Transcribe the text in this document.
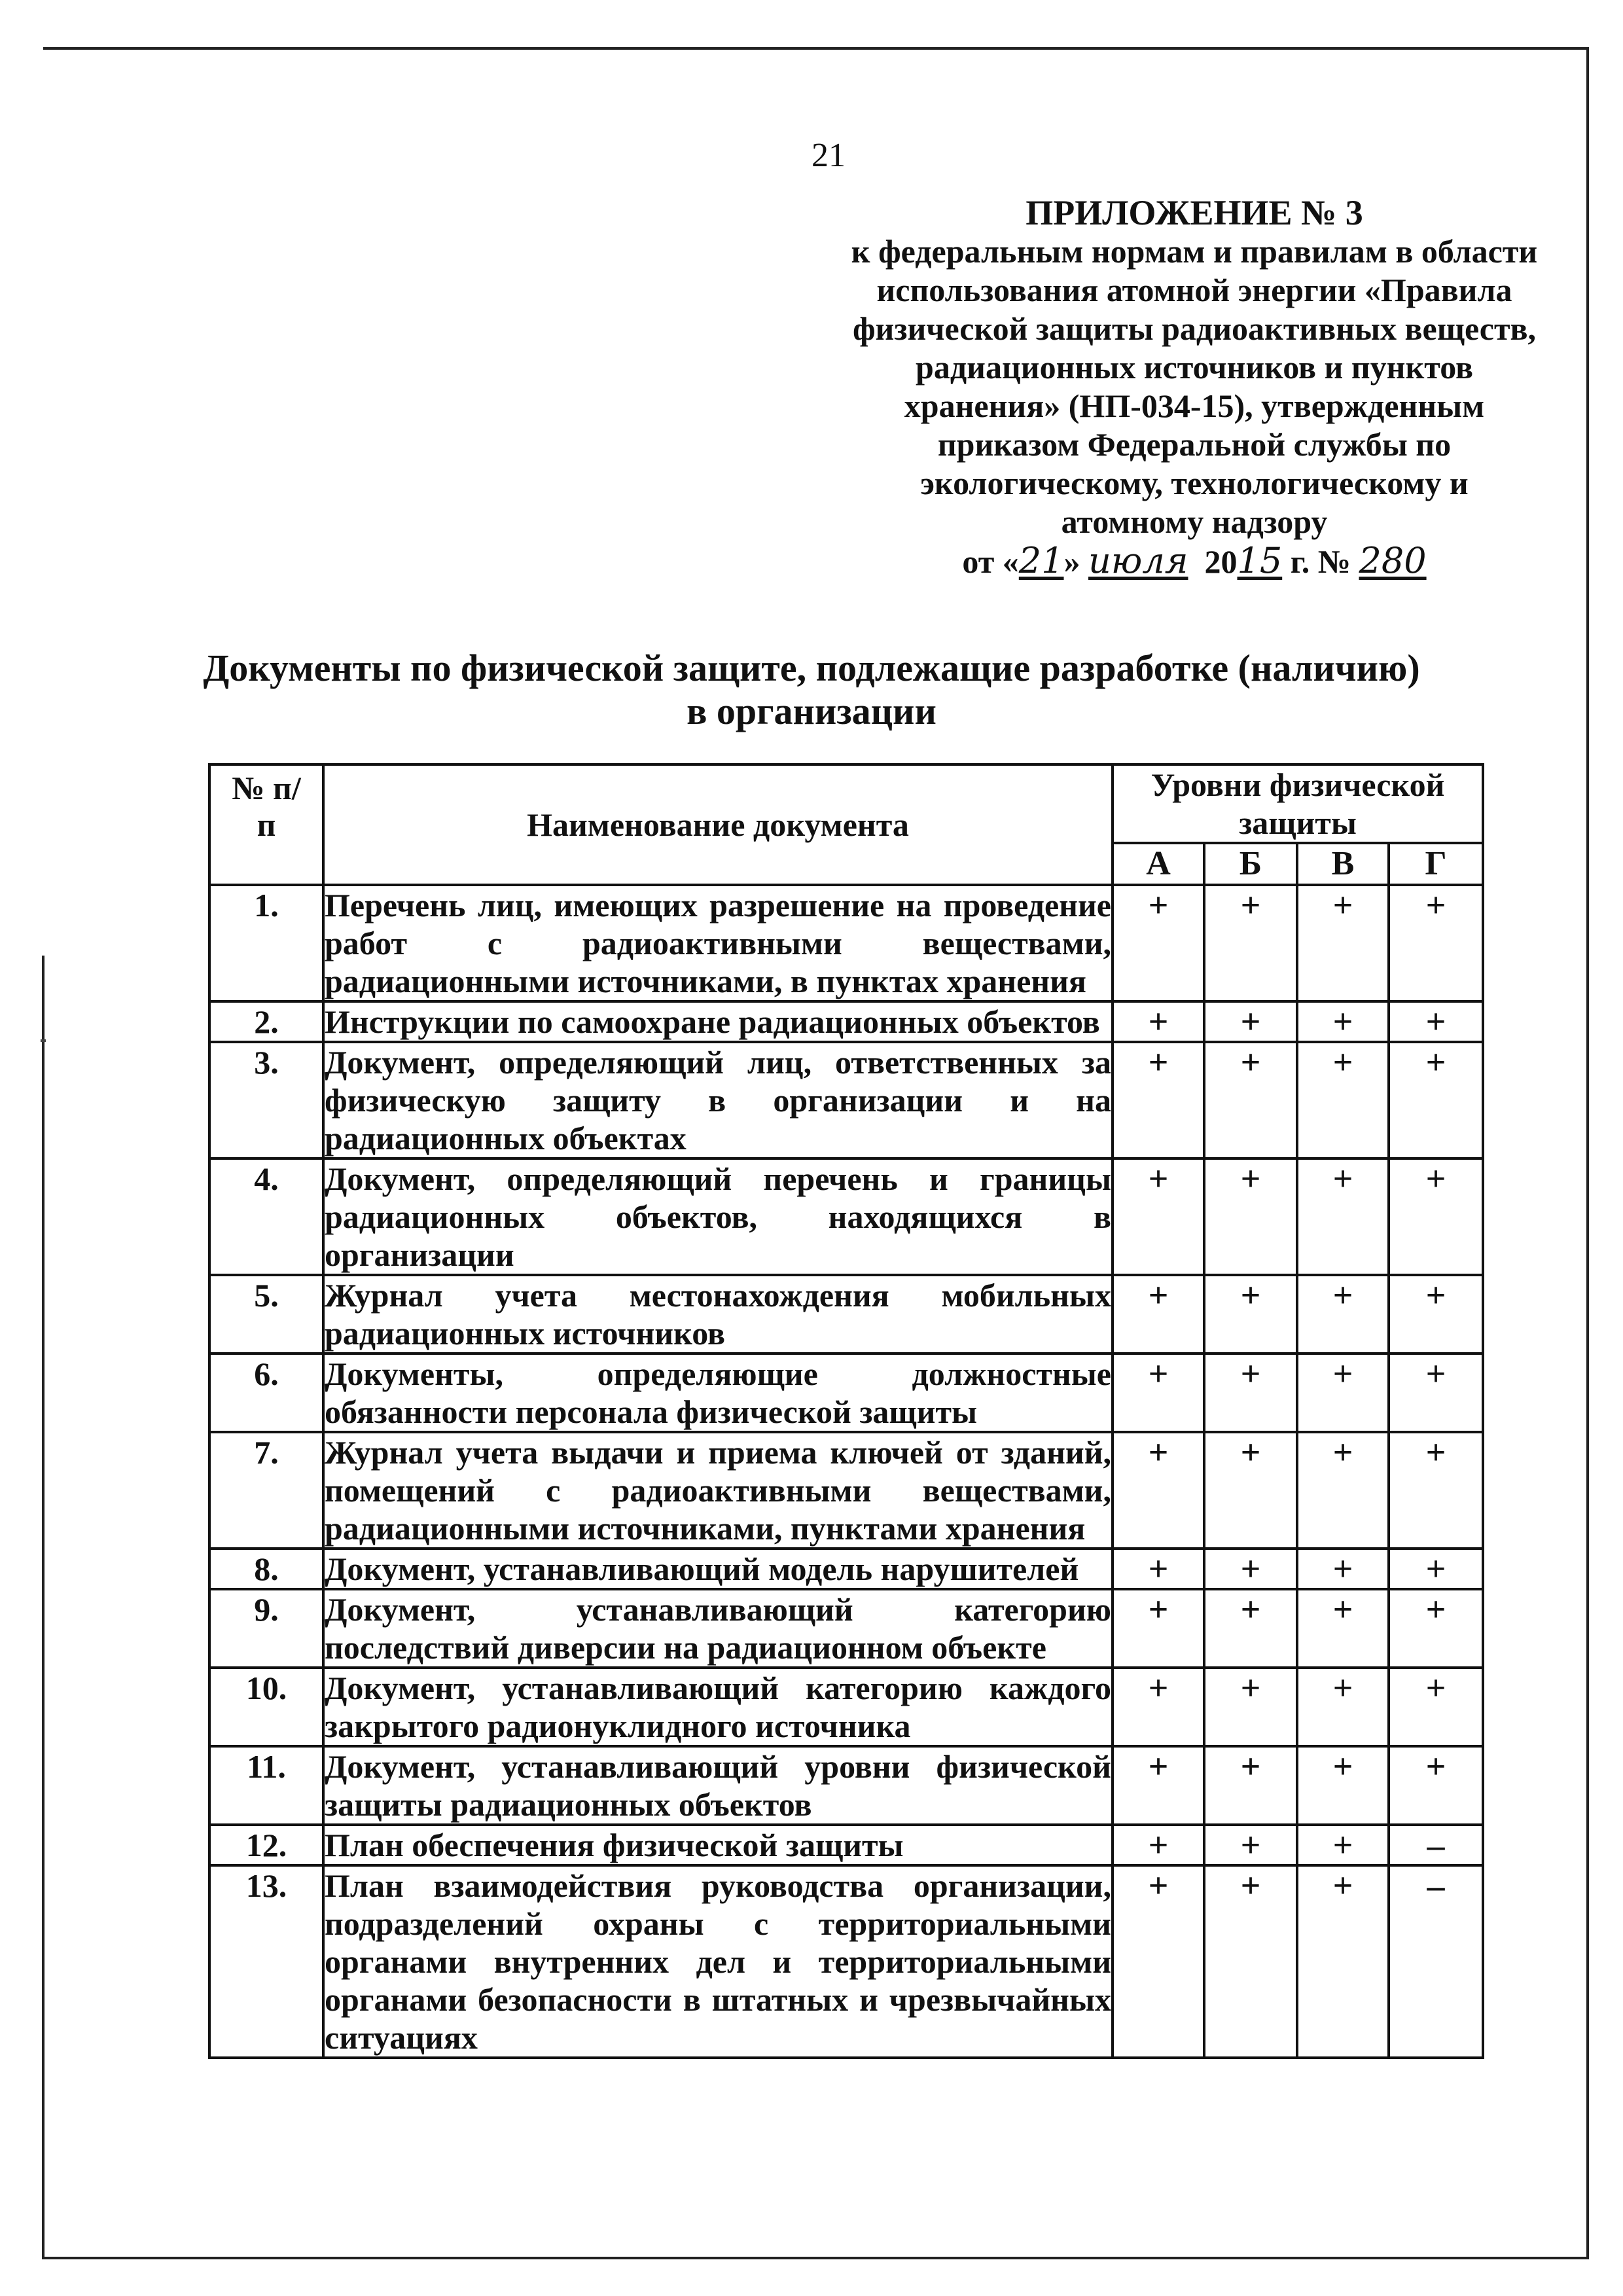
21
ПРИЛОЖЕНИЕ № 3
к федеральным нормам и правилам в области
использования атомной энергии «Правила
физической защиты радиоактивных веществ,
радиационных источников и пунктов
хранения» (НП-034-15), утвержденным
приказом Федеральной службы по
экологическому, технологическому и
атомному надзору
от «21» июля 2015 г. № 280
Документы по физической защите, подлежащие разработке (наличию)
в организации
№ п/п	Наименование документа	Уровни физической защиты			
		А	Б	В	Г
1.	Перечень лиц, имеющих разрешение на проведение работ с радиоактивными веществами, радиационными источниками, в пунктах хранения	+	+	+	+
2.	Инструкции по самоохране радиационных объектов	+	+	+	+
3.	Документ, определяющий лиц, ответственных за физическую защиту в организации и на радиационных объектах	+	+	+	+
4.	Документ, определяющий перечень и границы радиационных объектов, находящихся в организации	+	+	+	+
5.	Журнал учета местонахождения мобильных радиационных источников	+	+	+	+
6.	Документы, определяющие должностные обязанности персонала физической защиты	+	+	+	+
7.	Журнал учета выдачи и приема ключей от зданий, помещений с радиоактивными веществами, радиационными источниками, пунктами хранения	+	+	+	+
8.	Документ, устанавливающий модель нарушителей	+	+	+	+
9.	Документ, устанавливающий категорию последствий диверсии на радиационном объекте	+	+	+	+
10.	Документ, устанавливающий категорию каждого закрытого радионуклидного источника	+	+	+	+
11.	Документ, устанавливающий уровни физической защиты радиационных объектов	+	+	+	+
12.	План обеспечения физической защиты	+	+	+	–
13.	План взаимодействия руководства организации, подразделений охраны с территориальными органами внутренних дел и территориальными органами безопасности в штатных и чрезвычайных ситуациях	+	+	+	–
